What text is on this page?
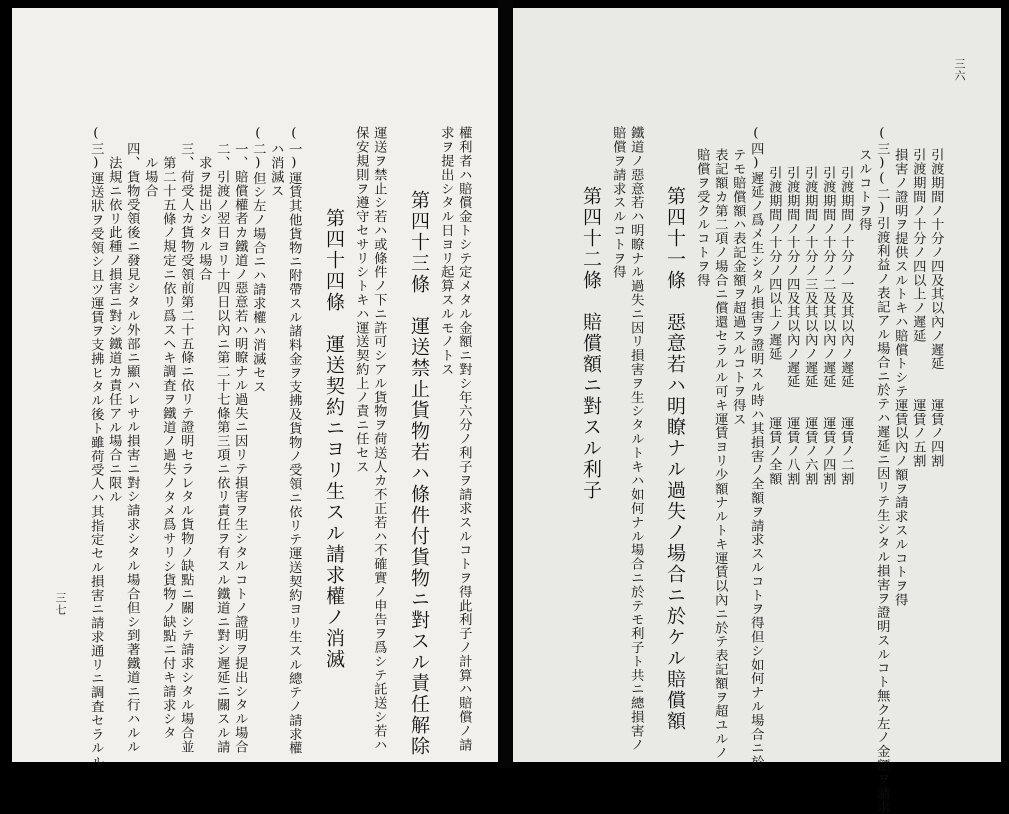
三七	權利者ハ賠償金トシテ定メタル金額ニ對シ年六分ノ利子ヲ請求スルコトヲ得此利子ノ計算ハ賠償ノ請
求ヲ提出シタル日ヨリ起算スルモノトス
第四十三條　運送禁止貨物若ハ條件付貨物ニ對スル責任解除
運送ヲ禁止シ若ハ或條件ノ下ニ許可シアル貨物ヲ荷送人カ不正若ハ不確實ノ申告ヲ爲シテ託送シ若ハ
保安規則ヲ遵守セサリシトキハ運送契約上ノ責ニ任セス
第四十四條　運送契約ニヨリ生スル請求權ノ消滅
(一)運賃其他貨物ニ附帶スル諸料金ヲ支拂及貨物ノ受領ニ依リテ運送契約ヨリ生スル總テノ請求權
ハ消滅ス
(二)但シ左ノ場合ニハ請求權ハ消滅セス
一、賠償權者カ鐵道ノ惡意若ハ明瞭ナル過失ニ因リテ損害ヲ生シタルコトノ證明ヲ提出シタル場合
二、引渡ノ翌日ヨリ十四日以內ニ第二十七條第三項ニ依リ責任ヲ有スル鐵道ニ對シ遲延ニ關スル請
求ヲ提出シタル場合
三、荷受人カ貨物受領前第二十五條ニ依リテ證明セラレタル貨物ノ缺點ニ關シテ請求シタル場合並
第二十五條ノ規定ニ依リ爲スヘキ調査ヲ鐵道ノ過失ノタメ爲サリシ貨物ノ缺點ニ付キ請求シタ
ル場合
四、貨物受領後ニ發見シタル外部ニ顯ハレサル損害ニ對シ請求シタル場合但シ到著鐵道ニ行ハルル
法規ニ依リ此種ノ損害ニ對シ鐵道カ責任アル場合ニ限ル
(三)運送狀ヲ受領シ且ツ運賃ヲ支拂ヒタル後ト雖荷受人ハ其指定セル損害ニ請求通リニ調査セラルル
三六
引渡期間ノ十分ノ四及其以內ノ遲延　　運賃ノ四割
引渡期間ノ十分ノ四以上ノ遲延　　　　運賃ノ五割
損害ノ證明ヲ提供スルトキハ賠償トシテ運賃以內ノ額ヲ請求スルコトヲ得
(三)(二)引渡利益ノ表記アル場合ニ於テハ遲延ニ因リテ生シタル損害ヲ證明スルコト無ク左ノ金額ヲ請求
スルコトヲ得
引渡期間ノ十分ノ一及其以內ノ遲延　　運賃ノ二割
引渡期間ノ十分ノ二及其以內ノ遲延　　運賃ノ四割
引渡期間ノ十分ノ三及其以內ノ遲延　　運賃ノ六割
引渡期間ノ十分ノ四及其以內ノ遲延　　運賃ノ八割
引渡期間ノ十分ノ四以上ノ遲延　　　　運賃ノ全額
(四)遲延ノ爲メ生シタル損害ヲ證明スル時ハ其損害ノ全額ヲ請求スルコトヲ得但シ如何ナル場合ニ於
テモ賠償額ハ表記金額ヲ超過スルコトヲ得ス
表記額カ第二項ノ場合ニ償還セラルル可キ運賃ヨリ少額ナルトキ運賃以內ニ於テ表記額ヲ超ユルノ
賠償ヲ受クルコトヲ得
第四十一條　惡意若ハ明瞭ナル過失ノ場合ニ於ケル賠償額
鐵道ノ惡意若ハ明瞭ナル過失ニ因リ損害ヲ生シタルトキハ如何ナル場合ニ於テモ利子ト共ニ總損害ノ
賠償ヲ請求スルコトヲ得
第四十二條　賠償額ニ對スル利子
